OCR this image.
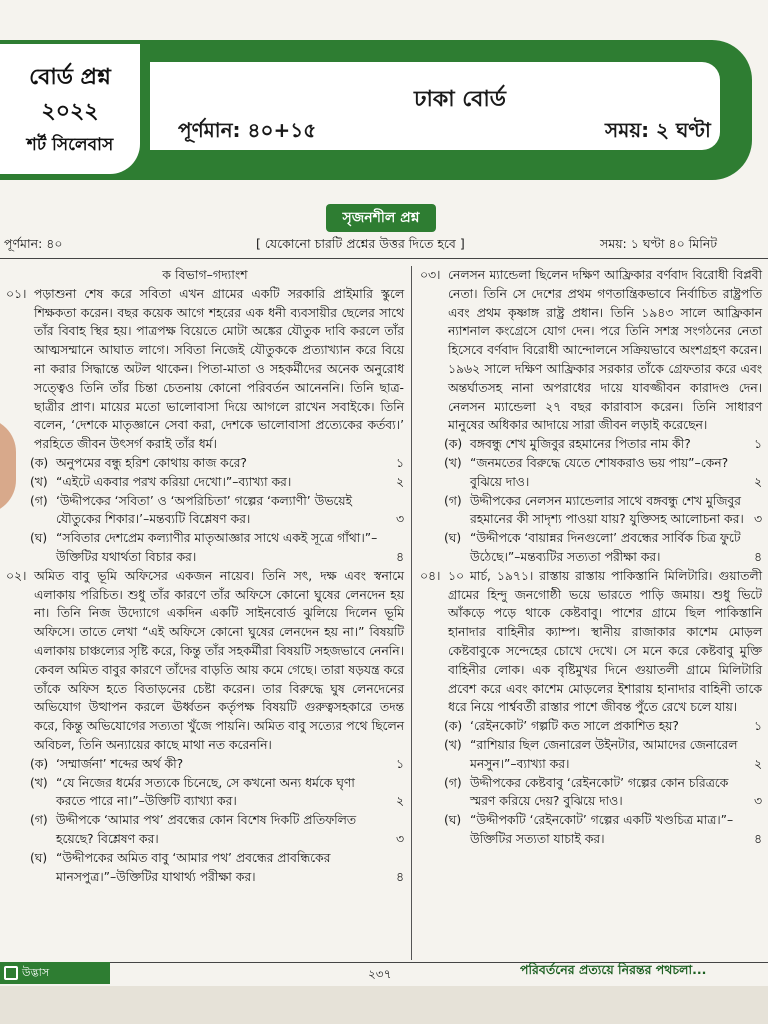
বোর্ড প্রশ্ন
২০২২
শর্ট সিলেবাস
ঢাকা বোর্ড
পূর্ণমান: ৪০+১৫	সময়: ২ ঘণ্টা
সৃজনশীল প্রশ্ন
পূর্ণমান: ৪০	[ যেকোনো চারটি প্রশ্নের উত্তর দিতে হবে ]	সময়: ১ ঘণ্টা ৪০ মিনিট
ক বিভাগ–গদ্যাংশ
০১। পড়াশুনা শেষ করে সবিতা এখন গ্রামের একটি সরকারি প্রাইমারি স্কুলে শিক্ষকতা করেন। বছর কয়েক আগে শহরের এক ধনী ব্যবসায়ীর ছেলের সাথে তাঁর বিবাহ স্থির হয়। পাত্রপক্ষ বিয়েতে মোটা অঙ্কের যৌতুক দাবি করলে তাঁর আত্মসম্মানে আঘাত লাগে। সবিতা নিজেই যৌতুককে প্রত্যাখ্যান করে বিয়ে না করার সিদ্ধান্তে অটল থাকেন। পিতা-মাতা ও সহকর্মীদের অনেক অনুরোধ সত্ত্বেও তিনি তাঁর চিন্তা চেতনায় কোনো পরিবর্তন আনেননি। তিনি ছাত্র-ছাত্রীর প্রাণ। মায়ের মতো ভালোবাসা দিয়ে আগলে রাখেন সবাইকে। তিনি বলেন, ‘দেশকে মাতৃজ্ঞানে সেবা করা, দেশকে ভালোবাসা প্রত্যেকের কর্তব্য।’ পরহিতে জীবন উৎসর্গ করাই তাঁর ধর্ম।
(ক) অনুপমের বন্ধু হরিশ কোথায় কাজ করে?	১
(খ) “এইটে একবার পরখ করিয়া দেখো।”–ব্যাখ্যা কর।	২
(গ) ‘উদ্দীপকের ‘সবিতা’ ও ‘অপরিচিতা’ গল্পের ‘কল্যাণী’ উভয়েই যৌতুকের শিকার।’–মন্তব্যটি বিশ্লেষণ কর।	৩
(ঘ) “সবিতার দেশপ্রেম কল্যাণীর মাতৃআজ্ঞার সাথে একই সূত্রে গাঁথা।”–উক্তিটির যথার্থতা বিচার কর।	৪
০২। অমিত বাবু ভূমি অফিসের একজন নায়েব। তিনি সৎ, দক্ষ এবং স্বনামে এলাকায় পরিচিত। শুধু তাঁর কারণে তাঁর অফিসে কোনো ঘুষের লেনদেন হয় না। তিনি নিজ উদ্যোগে একদিন একটি সাইনবোর্ড ঝুলিয়ে দিলেন ভূমি অফিসে। তাতে লেখা “এই অফিসে কোনো ঘুষের লেনদেন হয় না।” বিষয়টি এলাকায় চাঞ্চল্যের সৃষ্টি করে, কিন্তু তাঁর সহকর্মীরা বিষয়টি সহজভাবে নেননি। কেবল অমিত বাবুর কারণে তাঁদের বাড়তি আয় কমে গেছে। তারা ষড়যন্ত্র করে তাঁকে অফিস হতে বিতাড়নের চেষ্টা করেন। তার বিরুদ্ধে ঘুষ লেনদেনের অভিযোগ উত্থাপন করলে ঊর্ধ্বতন কর্তৃপক্ষ বিষয়টি গুরুত্বসহকারে তদন্ত করে, কিন্তু অভিযোগের সত্যতা খুঁজে পায়নি। অমিত বাবু সত্যের পথে ছিলেন অবিচল, তিনি অন্যায়ের কাছে মাথা নত করেননি।
(ক) ‘সম্মার্জনা’ শব্দের অর্থ কী?	১
(খ) “যে নিজের ধর্মের সত্যকে চিনেছে, সে কখনো অন্য ধর্মকে ঘৃণা করতে পারে না।”–উক্তিটি ব্যাখ্যা কর।	২
(গ) উদ্দীপকে ‘আমার পথ’ প্রবন্ধের কোন বিশেষ দিকটি প্রতিফলিত হয়েছে? বিশ্লেষণ কর।	৩
(ঘ) “উদ্দীপকের অমিত বাবু ‘আমার পথ’ প্রবন্ধের প্রাবন্ধিকের মানসপুত্র।”–উক্তিটির যাথার্থ্য পরীক্ষা কর।	৪
০৩। নেলসন ম্যান্ডেলা ছিলেন দক্ষিণ আফ্রিকার বর্ণবাদ বিরোধী বিপ্লবী নেতা। তিনি সে দেশের প্রথম গণতান্ত্রিকভাবে নির্বাচিত রাষ্ট্রপতি এবং প্রথম কৃষ্ণাঙ্গ রাষ্ট্র প্রধান। তিনি ১৯৪৩ সালে আফ্রিকান ন্যাশনাল কংগ্রেসে যোগ দেন। পরে তিনি সশস্ত্র সংগঠনের নেতা হিসেবে বর্ণবাদ বিরোধী আন্দোলনে সক্রিয়ভাবে অংশগ্রহণ করেন। ১৯৬২ সালে দক্ষিণ আফ্রিকার সরকার তাঁকে গ্রেফতার করে এবং অন্তর্ঘাতসহ নানা অপরাধের দায়ে যাবজ্জীবন কারাদণ্ড দেন। নেলসন ম্যান্ডেলা ২৭ বছর কারাবাস করেন। তিনি সাধারণ মানুষের অধিকার আদায়ে সারা জীবন লড়াই করেছেন।
(ক) বঙ্গবন্ধু শেখ মুজিবুর রহমানের পিতার নাম কী?	১
(খ) “জনমতের বিরুদ্ধে যেতে শোষকরাও ভয় পায়”–কেন? বুঝিয়ে দাও।	২
(গ) উদ্দীপকের নেলসন ম্যান্ডেলার সাথে বঙ্গবন্ধু শেখ মুজিবুর রহমানের কী সাদৃশ্য পাওয়া যায়? যুক্তিসহ আলোচনা কর। ৩
(ঘ) “উদ্দীপকে ‘বায়ান্নর দিনগুলো’ প্রবন্ধের সার্বিক চিত্র ফুটে উঠেছে।”–মন্তব্যটির সত্যতা পরীক্ষা কর।	৪
০৪। ১০ মার্চ, ১৯৭১। রাস্তায় রাস্তায় পাকিস্তানি মিলিটারি। গুয়াতলী গ্রামের হিন্দু জনগোষ্ঠী ভয়ে ভারতে পাড়ি জমায়। শুধু ভিটে আঁকড়ে পড়ে থাকে কেষ্টবাবু। পাশের গ্রামে ছিল পাকিস্তানি হানাদার বাহিনীর ক্যাম্প। স্থানীয় রাজাকার কাশেম মোড়ল কেষ্টবাবুকে সন্দেহের চোখে দেখে। সে মনে করে কেষ্টবাবু মুক্তি বাহিনীর লোক। এক বৃষ্টিমুখর দিনে গুয়াতলী গ্রামে মিলিটারি প্রবেশ করে এবং কাশেম মোড়লের ইশারায় হানাদার বাহিনী তাকে ধরে নিয়ে পার্শ্ববর্তী রাস্তার পাশে জীবন্ত পুঁতে রেখে চলে যায়।
(ক) ‘রেইনকোট’ গল্পটি কত সালে প্রকাশিত হয়?	১
(খ) “রাশিয়ার ছিল জেনারেল উইনটার, আমাদের জেনারেল মনসুন।”–ব্যাখ্যা কর।	২
(গ) উদ্দীপকের কেষ্টবাবু ‘রেইনকোট’ গল্পের কোন চরিত্রকে স্মরণ করিয়ে দেয়? বুঝিয়ে দাও।	৩
(ঘ) “উদ্দীপকটি ‘রেইনকোট’ গল্পের একটি খণ্ডচিত্র মাত্র।”–উক্তিটির সত্যতা যাচাই কর।	৪
উদ্ভাস	২৩৭	পরিবর্তনের প্রত্যয়ে নিরন্তর পথচলা...
